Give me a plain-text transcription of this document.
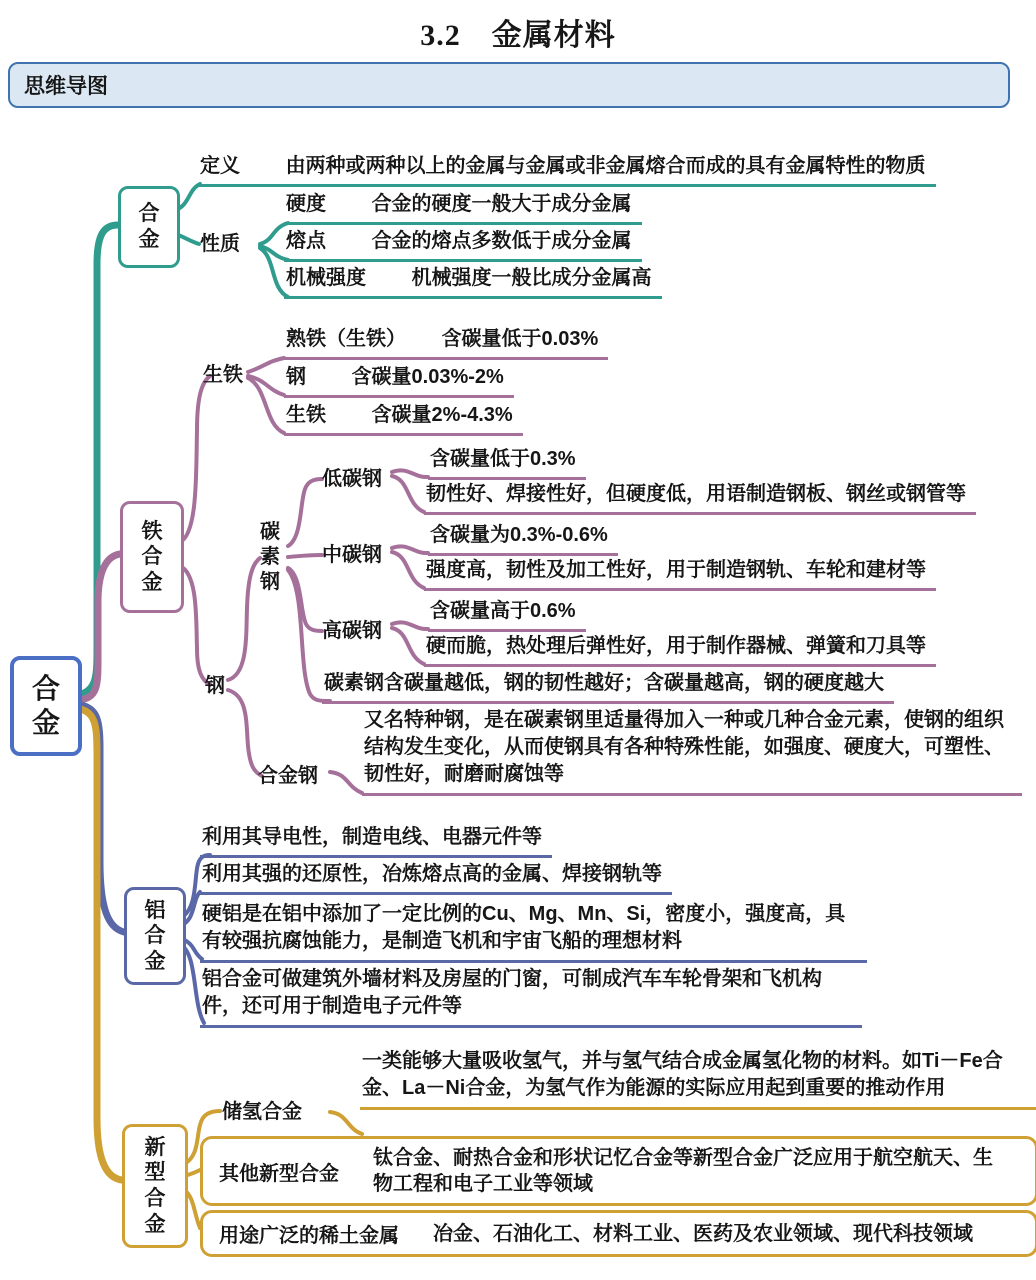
3.2　金属材料
思维导图
合金
合金
铁合金
铝合金
新型合金
定义 由两种或两种以上的金属与金属或非金属熔合而成的具有金属特性的物质
性质
硬度 合金的硬度一般大于成分金属
熔点 合金的熔点多数低于成分金属
机械强度 机械强度一般比成分金属高
生铁
熟铁（生铁） 含碳量低于0.03%
钢 含碳量0.03%-2%
生铁 含碳量2%-4.3%
碳素钢
钢
低碳钢
含碳量低于0.3%
韧性好、焊接性好，但硬度低，用语制造钢板、钢丝或钢管等
中碳钢
含碳量为0.3%-0.6%
强度高，韧性及加工性好，用于制造钢轨、车轮和建材等
高碳钢
含碳量高于0.6%
硬而脆，热处理后弹性好，用于制作器械、弹簧和刀具等
碳素钢含碳量越低，钢的韧性越好；含碳量越高，钢的硬度越大
合金钢
又名特种钢，是在碳素钢里适量得加入一种或几种合金元素，使钢的组织结构发生变化，从而使钢具有各种特殊性能，如强度、硬度大，可塑性、韧性好，耐磨耐腐蚀等
利用其导电性，制造电线、电器元件等
利用其强的还原性，冶炼熔点高的金属、焊接钢轨等
硬铝是在铝中添加了一定比例的Cu、Mg、Mn、Si，密度小，强度高，具有较强抗腐蚀能力，是制造飞机和宇宙飞船的理想材料
铝合金可做建筑外墙材料及房屋的门窗，可制成汽车车轮骨架和飞机构件，还可用于制造电子元件等
储氢合金
一类能够大量吸收氢气，并与氢气结合成金属氢化物的材料。如Ti－Fe合金、La－Ni合金，为氢气作为能源的实际应用起到重要的推动作用
其他新型合金
钛合金、耐热合金和形状记忆合金等新型合金广泛应用于航空航天、生物工程和电子工业等领域
用途广泛的稀土金属 冶金、石油化工、材料工业、医药及农业领域、现代科技领域
